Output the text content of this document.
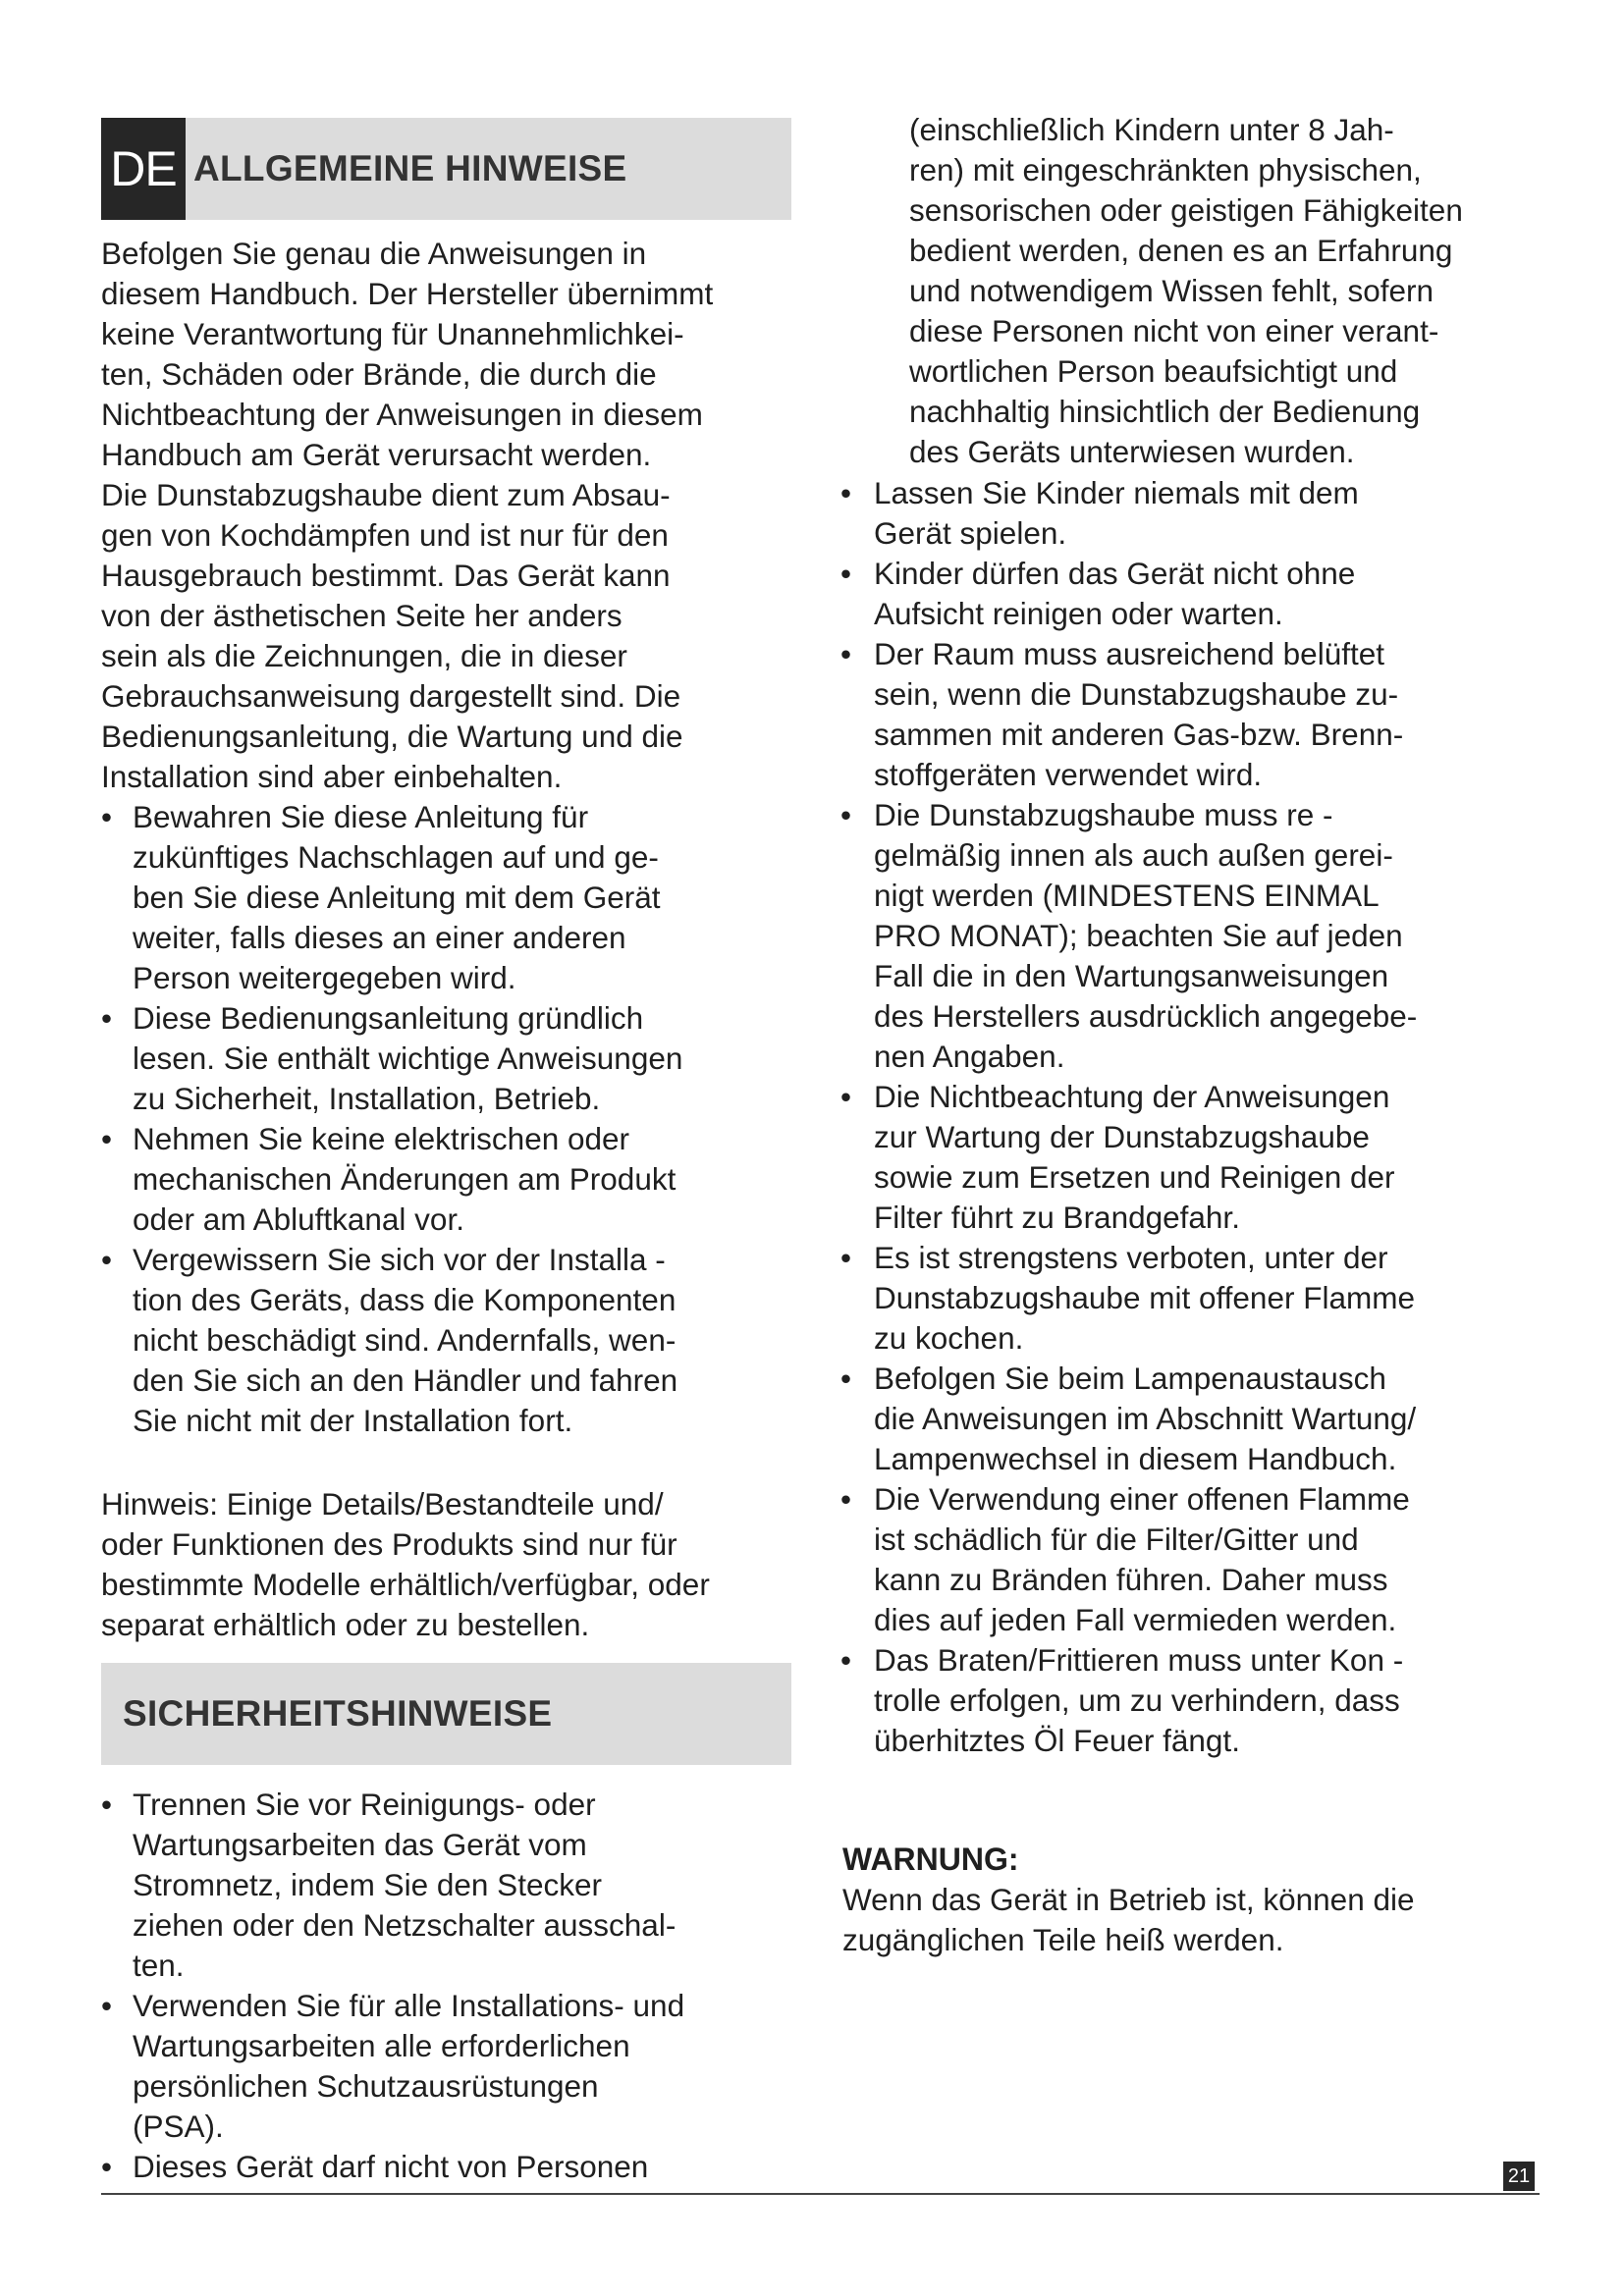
DE ALLGEMEINE HINWEISE

Befolgen Sie genau die Anweisungen in
diesem Handbuch. Der Hersteller übernimmt
keine Verantwortung für Unannehmlichkei-
ten, Schäden oder Brände, die durch die
Nichtbeachtung der Anweisungen in diesem
Handbuch am Gerät verursacht werden.
Die Dunstabzugshaube dient zum Absau-
gen von Kochdämpfen und ist nur für den
Hausgebrauch bestimmt. Das Gerät kann
von der ästhetischen Seite her anders
sein als die Zeichnungen, die in dieser
Gebrauchsanweisung dargestellt sind. Die
Bedienungsanleitung, die Wartung und die
Installation sind aber einbehalten.

• Bewahren Sie diese Anleitung für
zukünftiges Nachschlagen auf und ge-
ben Sie diese Anleitung mit dem Gerät
weiter, falls dieses an einer anderen
Person weitergegeben wird.
• Diese Bedienungsanleitung gründlich
lesen. Sie enthält wichtige Anweisungen
zu Sicherheit, Installation, Betrieb.
• Nehmen Sie keine elektrischen oder
mechanischen Änderungen am Produkt
oder am Abluftkanal vor.
• Vergewissern Sie sich vor der Installa -
tion des Geräts, dass die Komponenten
nicht beschädigt sind. Andernfalls, wen-
den Sie sich an den Händler und fahren
Sie nicht mit der Installation fort.

Hinweis: Einige Details/Bestandteile und/
oder Funktionen des Produkts sind nur für
bestimmte Modelle erhältlich/verfügbar, oder
separat erhältlich oder zu bestellen.

SICHERHEITSHINWEISE
• Trennen Sie vor Reinigungs- oder
Wartungsarbeiten das Gerät vom
Stromnetz, indem Sie den Stecker
ziehen oder den Netzschalter ausschal-
ten.
• Verwenden Sie für alle Installations- und
Wartungsarbeiten alle erforderlichen
persönlichen Schutzausrüstungen
(PSA).
• Dieses Gerät darf nicht von Personen

(einschließlich Kindern unter 8 Jah-
ren) mit eingeschränkten physischen,
sensorischen oder geistigen Fähigkeiten
bedient werden, denen es an Erfahrung
und notwendigem Wissen fehlt, sofern
diese Personen nicht von einer verant-
wortlichen Person beaufsichtigt und
nachhaltig hinsichtlich der Bedienung
des Geräts unterwiesen wurden.

• Lassen Sie Kinder niemals mit dem
Gerät spielen.
• Kinder dürfen das Gerät nicht ohne
Aufsicht reinigen oder warten.
• Der Raum muss ausreichend belüftet
sein, wenn die Dunstabzugshaube zu-
sammen mit anderen Gas-bzw. Brenn-
stoffgeräten verwendet wird.
• Die Dunstabzugshaube muss re -
gelmäßig innen als auch außen gerei-
nigt werden (MINDESTENS EINMAL
PRO MONAT); beachten Sie auf jeden
Fall die in den Wartungsanweisungen
des Herstellers ausdrücklich angegebe-
nen Angaben.
• Die Nichtbeachtung der Anweisungen
zur Wartung der Dunstabzugshaube
sowie zum Ersetzen und Reinigen der
Filter führt zu Brandgefahr.
• Es ist strengstens verboten, unter der
Dunstabzugshaube mit offener Flamme
zu kochen.
• Befolgen Sie beim Lampenaustausch
die Anweisungen im Abschnitt Wartung/
Lampenwechsel in diesem Handbuch.
• Die Verwendung einer offenen Flamme
ist schädlich für die Filter/Gitter und
kann zu Bränden führen. Daher muss
dies auf jeden Fall vermieden werden.
• Das Braten/Frittieren muss unter Kon -
trolle erfolgen, um zu verhindern, dass
überhitztes Öl Feuer fängt.
WARNUNG:

Wenn das Gerät in Betrieb ist, können die
zugänglichen Teile heiß werden.

21
